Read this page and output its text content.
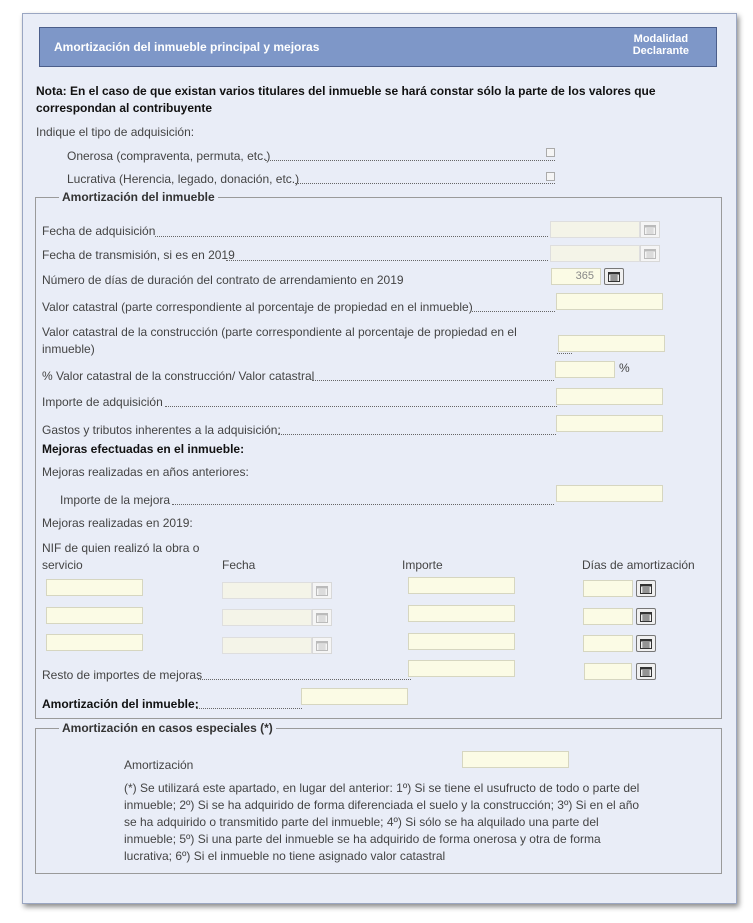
Amortización del inmueble principal y mejoras
Modalidad
Declarante
Nota: En el caso de que existan varios titulares del inmueble se hará constar sólo la parte de los valores que correspondan al contribuyente
Indique el tipo de adquisición:
Onerosa (compraventa, permuta, etc.)
Lucrativa (Herencia, legado, donación, etc.)
Amortización del inmueble
Fecha de adquisición
Fecha de transmisión, si es en 2019
Número de días de duración del contrato de arrendamiento en 2019	365
Valor catastral (parte correspondiente al porcentaje de propiedad en el inmueble)
Valor catastral de la construcción (parte correspondiente al porcentaje de propiedad en el
inmueble)
% Valor catastral de la construcción/ Valor catastral
%
Importe de adquisición
Gastos y tributos inherentes a la adquisición:
Mejoras efectuadas en el inmueble:
Mejoras realizadas en años anteriores:
Importe de la mejora
Mejoras realizadas en 2019:
NIF de quien realizó la obra o
servicio	Fecha	Importe	Días de amortización
Resto de importes de mejoras
Amortización del inmueble:
Amortización en casos especiales (*)
Amortización
(*) Se utilizará este apartado, en lugar del anterior: 1º) Si se tiene el usufructo de todo o parte del inmueble; 2º) Si se ha adquirido de forma diferenciada el suelo y la construcción; 3º) Si en el año se ha adquirido o transmitido parte del inmueble; 4º) Si sólo se ha alquilado una parte del inmueble; 5º) Si una parte del inmueble se ha adquirido de forma onerosa y otra de forma lucrativa; 6º) Si el inmueble no tiene asignado valor catastral
